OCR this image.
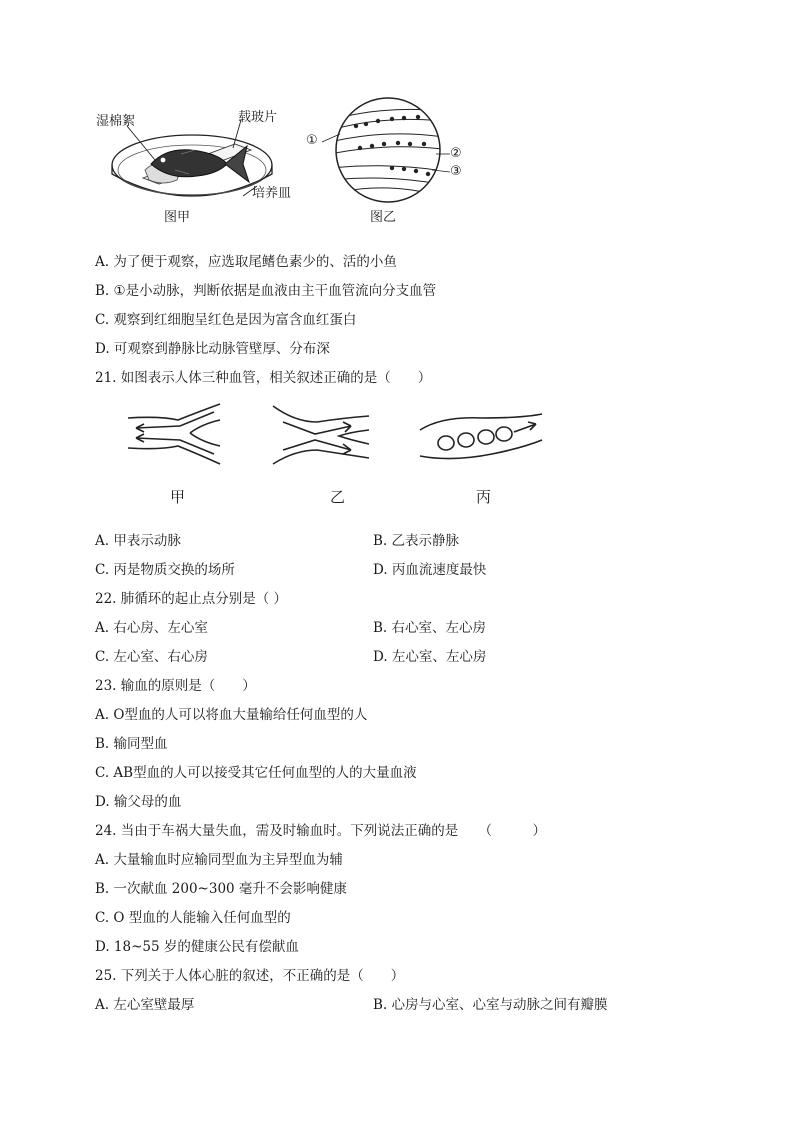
湿棉絮	载玻片
培养皿
图甲
①
②
③
图乙
A. 为了便于观察，应选取尾鳍色素少的、活的小鱼
B. ①是小动脉，判断依据是血液由主干血管流向分支血管
C. 观察到红细胞呈红色是因为富含血红蛋白
D. 可观察到静脉比动脉管壁厚、分布深
21. 如图表示人体三种血管，相关叙述正确的是（　　）
甲	乙	丙
A. 甲表示动脉	B. 乙表示静脉
C. 丙是物质交换的场所	D. 丙血流速度最快
22. 肺循环的起止点分别是（ ）
A. 右心房、左心室	B. 右心室、左心房
C. 左心室、右心房	D. 左心室、左心房
23. 输血的原则是（　　）
A. O型血的人可以将血大量输给任何血型的人
B. 输同型血
C. AB型血的人可以接受其它任何血型的人的大量血液
D. 输父母的血
24. 当由于车祸大量失血，需及时输血时。下列说法正确的是　　（　　　）
A. 大量输血时应输同型血为主异型血为辅
B. 一次献血 200~300 毫升不会影响健康
C. O 型血的人能输入任何血型的
D. 18~55 岁的健康公民有偿献血
25. 下列关于人体心脏的叙述，不正确的是（　　）
A. 左心室壁最厚	B. 心房与心室、心室与动脉之间有瓣膜
